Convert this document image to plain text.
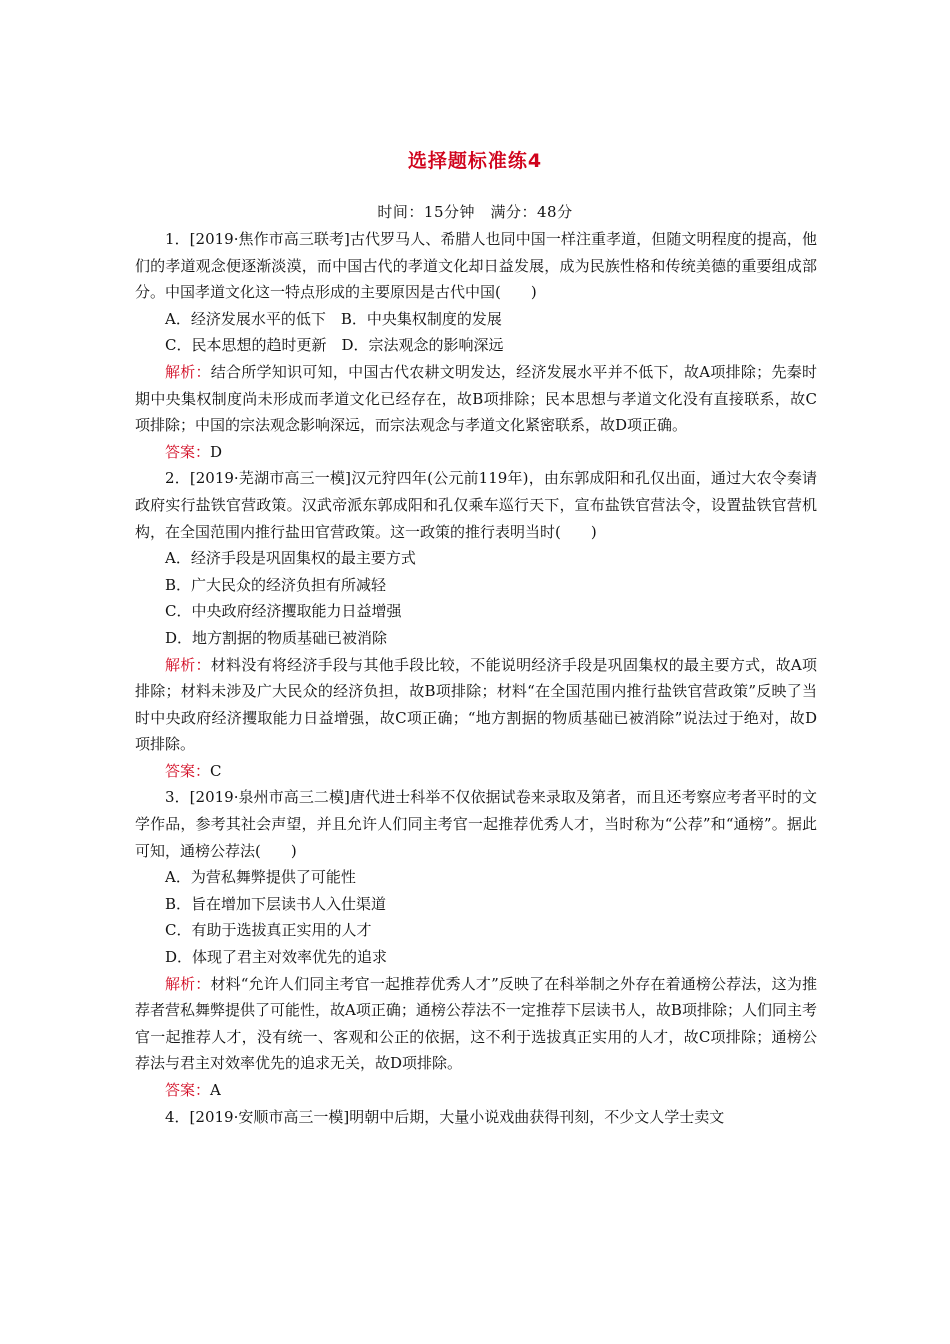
选择题标准练4
时间：15分钟　满分：48分

1．[2019·焦作市高三联考]古代罗马人、希腊人也同中国一样注重孝道，但随文明程度的提高，他们的孝道观念便逐渐淡漠，而中国古代的孝道文化却日益发展，成为民族性格和传统美德的重要组成部分。中国孝道文化这一特点形成的主要原因是古代中国(　　)

A．经济发展水平的低下　B．中央集权制度的发展

C．民本思想的趋时更新　D．宗法观念的影响深远

解析：结合所学知识可知，中国古代农耕文明发达，经济发展水平并不低下，故A项排除；先秦时期中央集权制度尚未形成而孝道文化已经存在，故B项排除；民本思想与孝道文化没有直接联系，故C项排除；中国的宗法观念影响深远，而宗法观念与孝道文化紧密联系，故D项正确。

答案：D

2．[2019·芜湖市高三一模]汉元狩四年(公元前119年)，由东郭成阳和孔仅出面，通过大农令奏请政府实行盐铁官营政策。汉武帝派东郭成阳和孔仅乘车巡行天下，宣布盐铁官营法令，设置盐铁官营机构，在全国范围内推行盐田官营政策。这一政策的推行表明当时(　　)

A．经济手段是巩固集权的最主要方式

B．广大民众的经济负担有所减轻

C．中央政府经济攫取能力日益增强

D．地方割据的物质基础已被消除

解析：材料没有将经济手段与其他手段比较，不能说明经济手段是巩固集权的最主要方式，故A项排除；材料未涉及广大民众的经济负担，故B项排除；材料“在全国范围内推行盐铁官营政策”反映了当时中央政府经济攫取能力日益增强，故C项正确；“地方割据的物质基础已被消除”说法过于绝对，故D项排除。

答案：C

3．[2019·泉州市高三二模]唐代进士科举不仅依据试卷来录取及第者，而且还考察应考者平时的文学作品，参考其社会声望，并且允许人们同主考官一起推荐优秀人才，当时称为“公荐”和“通榜”。据此可知，通榜公荐法(　　)

A．为营私舞弊提供了可能性

B．旨在增加下层读书人入仕渠道

C．有助于选拔真正实用的人才

D．体现了君主对效率优先的追求

解析：材料“允许人们同主考官一起推荐优秀人才”反映了在科举制之外存在着通榜公荐法，这为推荐者营私舞弊提供了可能性，故A项正确；通榜公荐法不一定推荐下层读书人，故B项排除；人们同主考官一起推荐人才，没有统一、客观和公正的依据，这不利于选拔真正实用的人才，故C项排除；通榜公荐法与君主对效率优先的追求无关，故D项排除。

答案：A

4．[2019·安顺市高三一模]明朝中后期，大量小说戏曲获得刊刻，不少文人学士卖文
